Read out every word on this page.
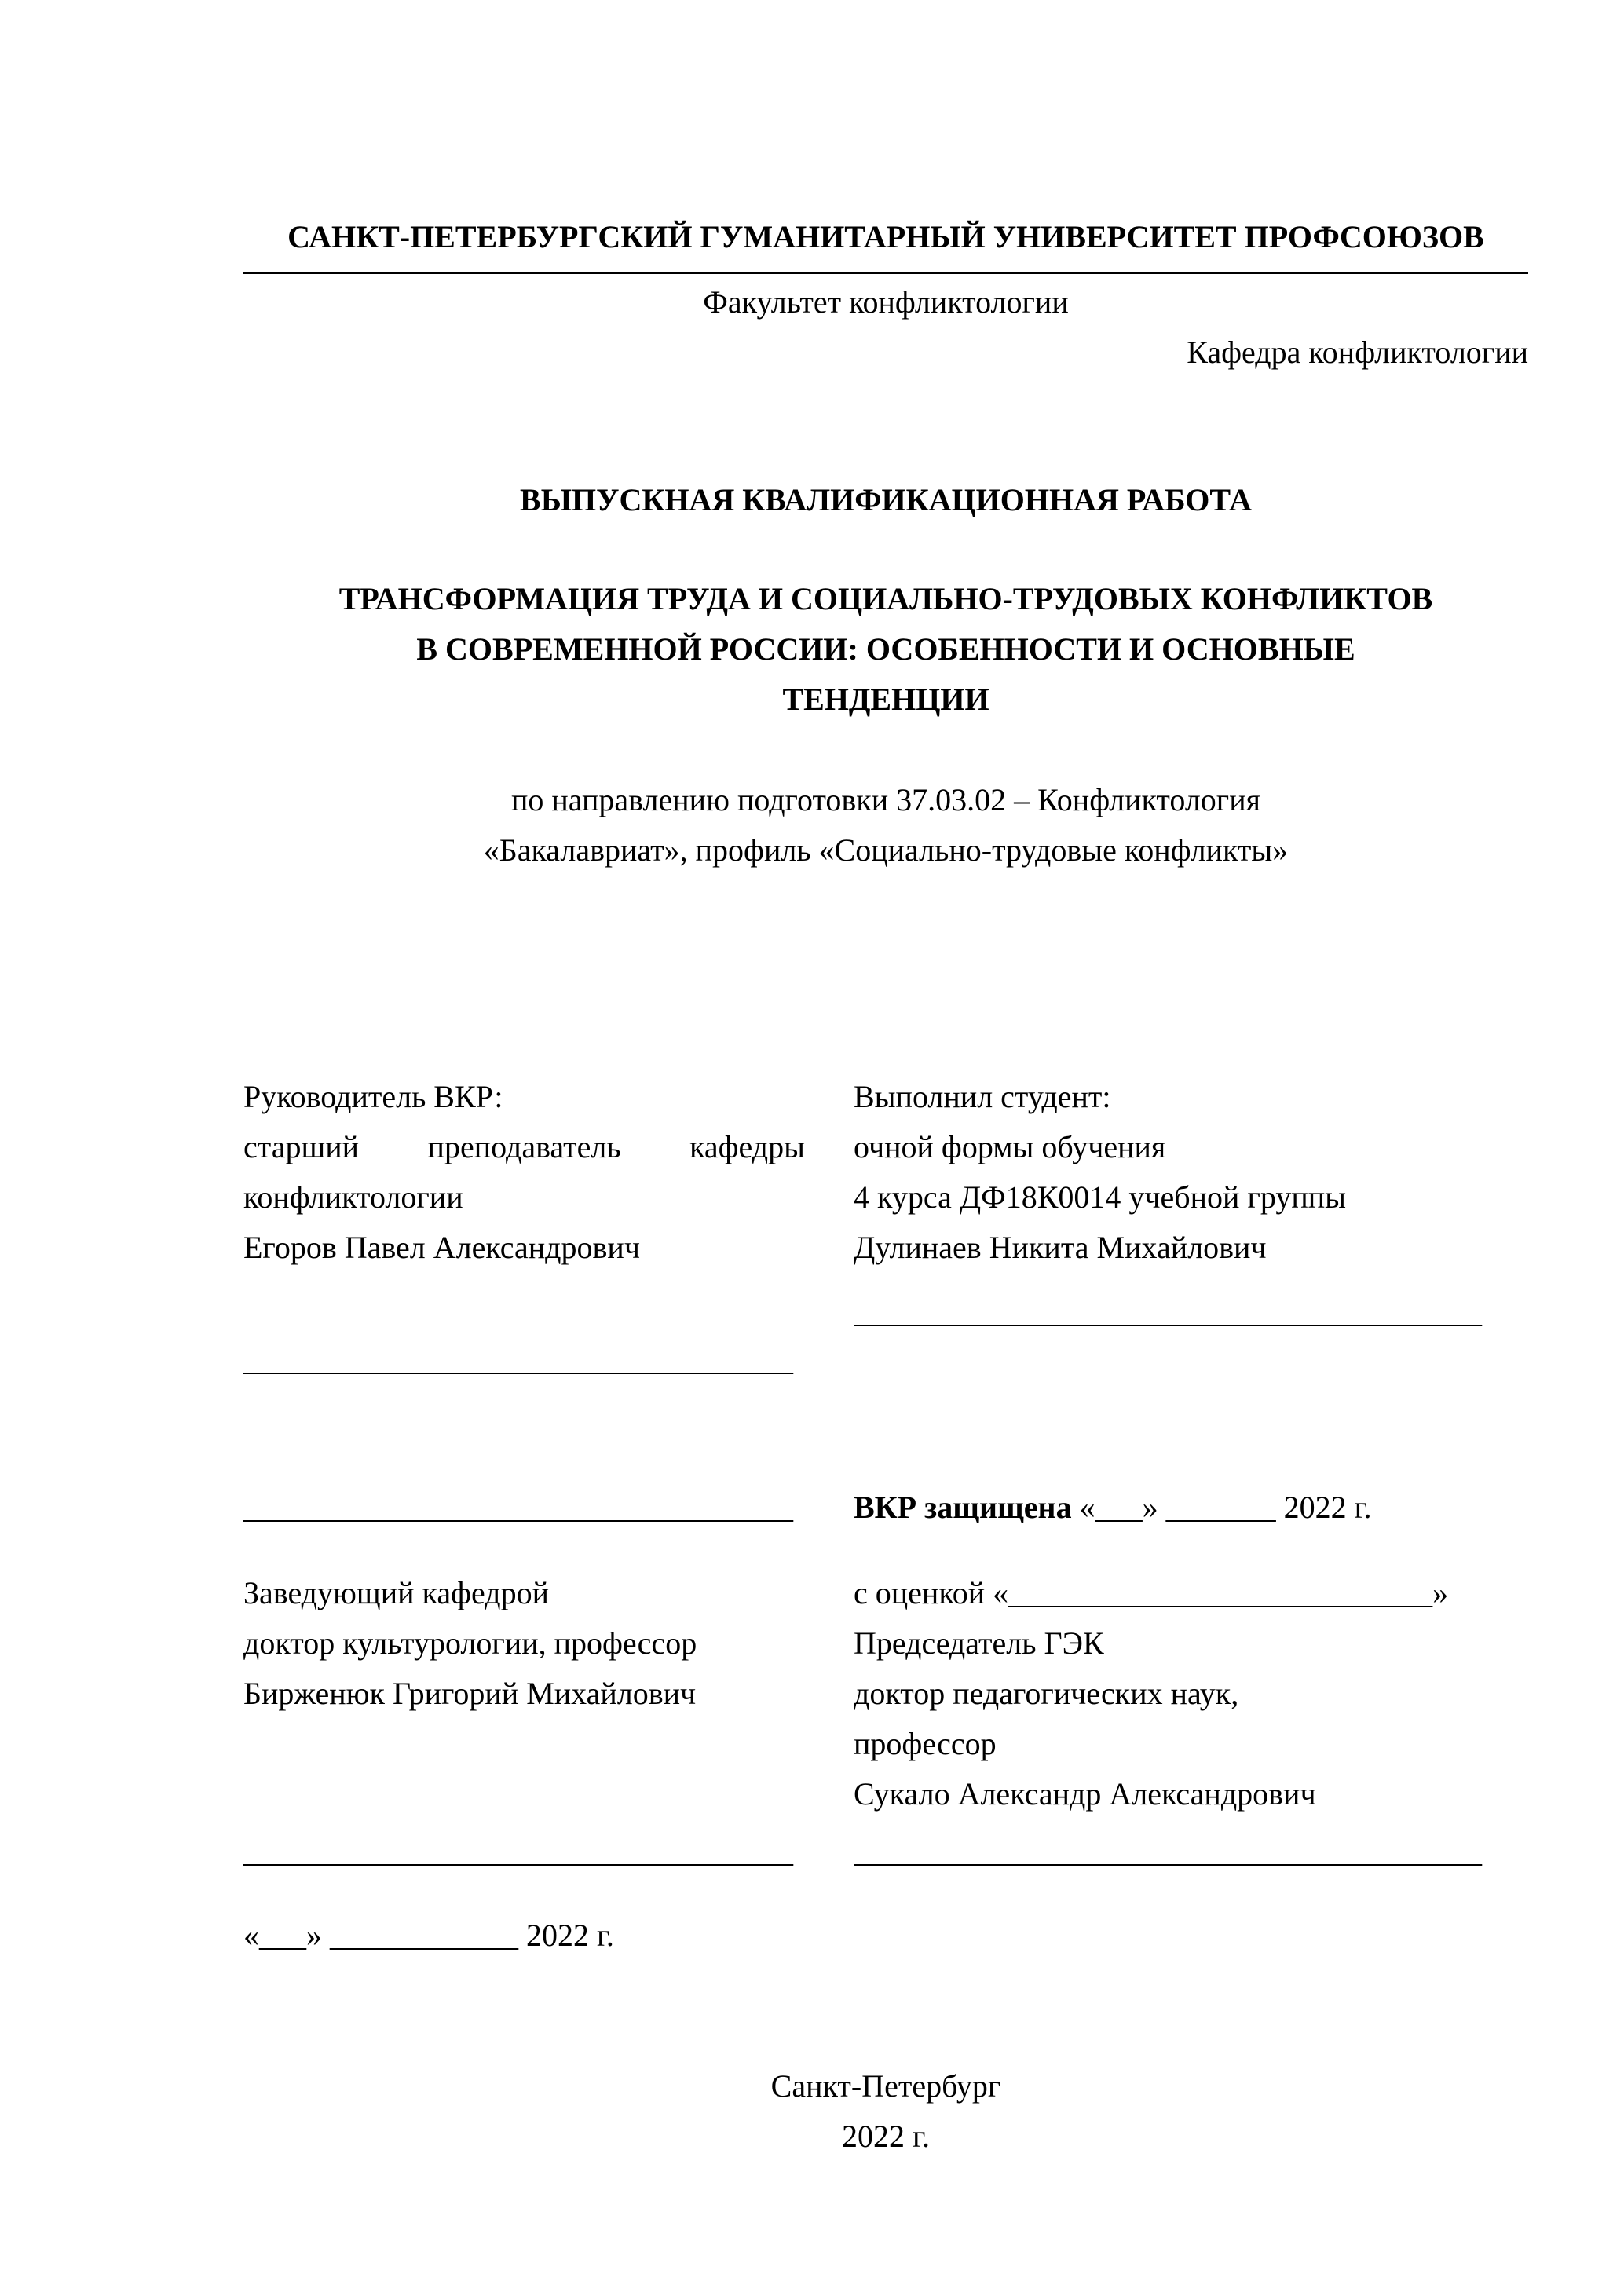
САНКТ-ПЕТЕРБУРГСКИЙ ГУМАНИТАРНЫЙ УНИВЕРСИТЕТ ПРОФСОЮЗОВ
Факультет конфликтологии
Кафедра конфликтологии
ВЫПУСКНАЯ КВАЛИФИКАЦИОННАЯ РАБОТА
ТРАНСФОРМАЦИЯ ТРУДА И СОЦИАЛЬНО-ТРУДОВЫХ КОНФЛИКТОВ В СОВРЕМЕННОЙ РОССИИ: ОСОБЕННОСТИ И ОСНОВНЫЕ ТЕНДЕНЦИИ
по направлению подготовки 37.03.02 – Конфликтология
«Бакалавриат», профиль «Социально-трудовые конфликты»
Руководитель ВКР:
старший преподаватель кафедры конфликтологии
Егоров Павел Александрович
___________________________________
___________________________________
Заведующий кафедрой
доктор культурологии, профессор
Бирженюк Григорий Михайлович
___________________________________
«___» ____________ 2022 г.
Выполнил студент:
очной формы обучения
4 курса ДФ18К0014 учебной группы
Дулинаев Никита Михайлович
________________________________________
ВКР защищена «___» _______ 2022 г.
с оценкой «___________________________»
Председатель ГЭК
доктор педагогических наук,
профессор
Сукало Александр Александрович
________________________________________
Санкт-Петербург
2022 г.
